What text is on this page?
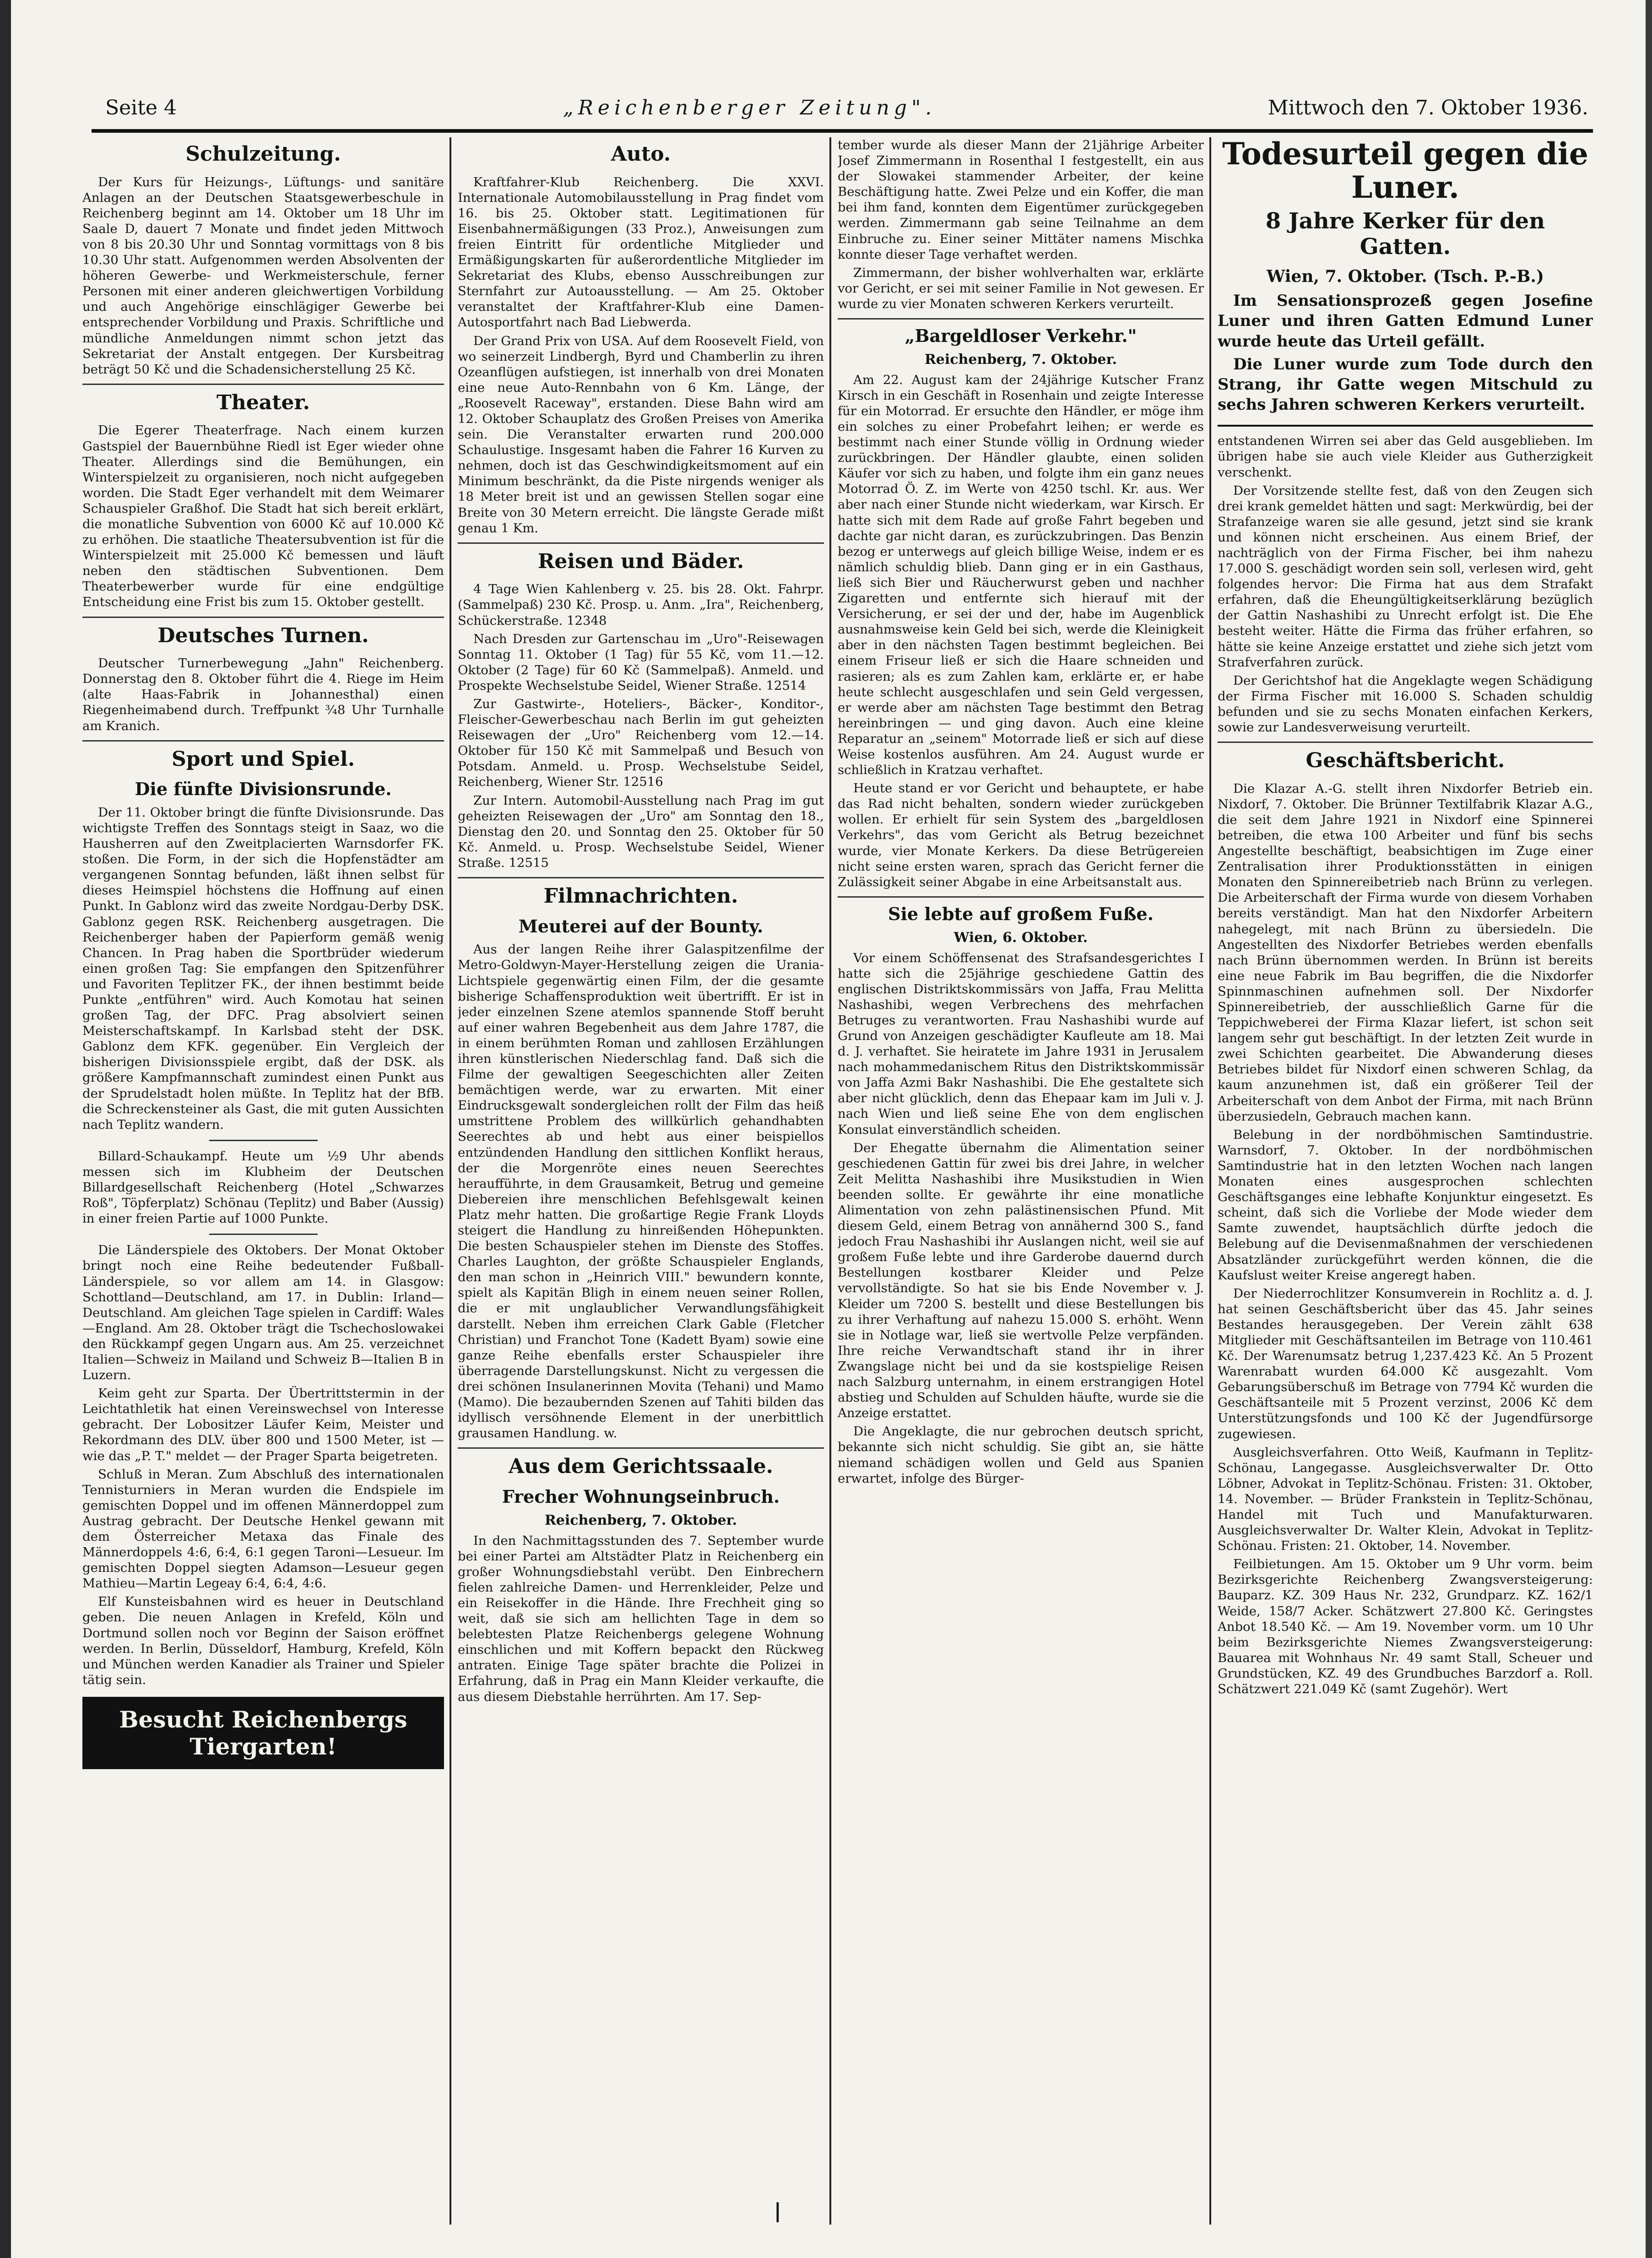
Seite 4	„Reichenberger Zeitung".	Mittwoch den 7. Oktober 1936.
Schulzeitung.

Der Kurs für Heizungs-, Lüftungs- und sanitäre Anlagen an der Deutschen Staatsgewerbeschule in Reichenberg beginnt am 14. Oktober um 18 Uhr im Saale D, dauert 7 Monate und findet jeden Mittwoch von 8 bis 20.30 Uhr und Sonntag vormittags von 8 bis 10.30 Uhr statt. Aufgenommen werden Absolventen der höheren Gewerbe- und Werkmeisterschule, ferner Personen mit einer anderen gleichwertigen Vorbildung und auch Angehörige einschlägiger Gewerbe bei entsprechender Vorbildung und Praxis. Schriftliche und mündliche Anmeldungen nimmt schon jetzt das Sekretariat der Anstalt entgegen. Der Kursbeitrag beträgt 50 Kč und die Schadensicherstellung 25 Kč.

Theater.

Die Egerer Theaterfrage. Nach einem kurzen Gastspiel der Bauernbühne Riedl ist Eger wieder ohne Theater. Allerdings sind die Bemühungen, ein Winterspielzeit zu organisieren, noch nicht aufgegeben worden. Die Stadt Eger verhandelt mit dem Weimarer Schauspieler Graßhof. Die Stadt hat sich bereit erklärt, die monatliche Subvention von 6000 Kč auf 10.000 Kč zu erhöhen. Die staatliche Theatersubvention ist für die Winterspielzeit mit 25.000 Kč bemessen und läuft neben den städtischen Subventionen. Dem Theaterbewerber wurde für eine endgültige Entscheidung eine Frist bis zum 15. Oktober gestellt.

Deutsches Turnen.

Deutscher Turnerbewegung „Jahn" Reichenberg. Donnerstag den 8. Oktober führt die 4. Riege im Heim (alte Haas-Fabrik in Johannesthal) einen Riegenheimabend durch. Treffpunkt ¾8 Uhr Turnhalle am Kranich.

Sport und Spiel.
Die fünfte Divisionsrunde.

Der 11. Oktober bringt die fünfte Divisionsrunde. Das wichtigste Treffen des Sonntags steigt in Saaz, wo die Hausherren auf den Zweitplacierten Warnsdorfer FK. stoßen. Die Form, in der sich die Hopfenstädter am vergangenen Sonntag befunden, läßt ihnen selbst für dieses Heimspiel höchstens die Hoffnung auf einen Punkt. In Gablonz wird das zweite Nordgau-Derby DSK. Gablonz gegen RSK. Reichenberg ausgetragen. Die Reichenberger haben der Papierform gemäß wenig Chancen. In Prag haben die Sportbrüder wiederum einen großen Tag: Sie empfangen den Spitzenführer und Favoriten Teplitzer FK., der ihnen bestimmt beide Punkte „entführen" wird. Auch Komotau hat seinen großen Tag, der DFC. Prag absolviert seinen Meisterschaftskampf. In Karlsbad steht der DSK. Gablonz dem KFK. gegenüber. Ein Vergleich der bisherigen Divisionsspiele ergibt, daß der DSK. als größere Kampfmannschaft zumindest einen Punkt aus der Sprudelstadt holen müßte. In Teplitz hat der BfB. die Schreckensteiner als Gast, die mit guten Aussichten nach Teplitz wandern.

Billard-Schaukampf. Heute um ½9 Uhr abends messen sich im Klubheim der Deutschen Billardgesellschaft Reichenberg (Hotel „Schwarzes Roß", Töpferplatz) Schönau (Teplitz) und Baber (Aussig) in einer freien Partie auf 1000 Punkte.

Die Länderspiele des Oktobers. Der Monat Oktober bringt noch eine Reihe bedeutender Fußball-Länderspiele, so vor allem am 14. in Glasgow: Schottland—Deutschland, am 17. in Dublin: Irland—Deutschland. Am gleichen Tage spielen in Cardiff: Wales—England. Am 28. Oktober trägt die Tschechoslowakei den Rückkampf gegen Ungarn aus. Am 25. verzeichnet Italien—Schweiz in Mailand und Schweiz B—Italien B in Luzern.

Keim geht zur Sparta. Der Übertrittstermin in der Leichtathletik hat einen Vereinswechsel von Interesse gebracht. Der Lobositzer Läufer Keim, Meister und Rekordmann des DLV. über 800 und 1500 Meter, ist — wie das „P. T." meldet — der Prager Sparta beigetreten.

Schluß in Meran. Zum Abschluß des internationalen Tennisturniers in Meran wurden die Endspiele im gemischten Doppel und im offenen Männerdoppel zum Austrag gebracht. Der Deutsche Henkel gewann mit dem Österreicher Metaxa das Finale des Männerdoppels 4:6, 6:4, 6:1 gegen Taroni—Lesueur. Im gemischten Doppel siegten Adamson—Lesueur gegen Mathieu—Martin Legeay 6:4, 6:4, 4:6.

Elf Kunsteisbahnen wird es heuer in Deutschland geben. Die neuen Anlagen in Krefeld, Köln und Dortmund sollen noch vor Beginn der Saison eröffnet werden. In Berlin, Düsseldorf, Hamburg, Krefeld, Köln und München werden Kanadier als Trainer und Spieler tätig sein.

Besucht Reichenbergs Tiergarten!
Auto.

Kraftfahrer-Klub Reichenberg. Die XXVI. Internationale Automobilausstellung in Prag findet vom 16. bis 25. Oktober statt. Legitimationen für Eisenbahnermäßigungen (33 Proz.), Anweisungen zum freien Eintritt für ordentliche Mitglieder und Ermäßigungskarten für außerordentliche Mitglieder im Sekretariat des Klubs, ebenso Ausschreibungen zur Sternfahrt zur Autoausstellung. — Am 25. Oktober veranstaltet der Kraftfahrer-Klub eine Damen-Autosportfahrt nach Bad Liebwerda.

Der Grand Prix von USA. Auf dem Roosevelt Field, von wo seinerzeit Lindbergh, Byrd und Chamberlin zu ihren Ozeanflügen aufstiegen, ist innerhalb von drei Monaten eine neue Auto-Rennbahn von 6 Km. Länge, der „Roosevelt Raceway", erstanden. Diese Bahn wird am 12. Oktober Schauplatz des Großen Preises von Amerika sein. Die Veranstalter erwarten rund 200.000 Schaulustige. Insgesamt haben die Fahrer 16 Kurven zu nehmen, doch ist das Geschwindigkeitsmoment auf ein Minimum beschränkt, da die Piste nirgends weniger als 18 Meter breit ist und an gewissen Stellen sogar eine Breite von 30 Metern erreicht. Die längste Gerade mißt genau 1 Km.

Reisen und Bäder.

4 Tage Wien Kahlenberg v. 25. bis 28. Okt. Fahrpr. (Sammelpaß) 230 Kč. Prosp. u. Anm. „Ira", Reichenberg, Schückerstraße. 12348

Nach Dresden zur Gartenschau im „Uro"-Reisewagen Sonntag 11. Oktober (1 Tag) für 55 Kč, vom 11.—12. Oktober (2 Tage) für 60 Kč (Sammelpaß). Anmeld. und Prospekte Wechselstube Seidel, Wiener Straße. 12514

Zur Gastwirte-, Hoteliers-, Bäcker-, Konditor-, Fleischer-Gewerbeschau nach Berlin im gut geheizten Reisewagen der „Uro" Reichenberg vom 12.—14. Oktober für 150 Kč mit Sammelpaß und Besuch von Potsdam. Anmeld. u. Prosp. Wechselstube Seidel, Reichenberg, Wiener Str. 12516

Zur Intern. Automobil-Ausstellung nach Prag im gut geheizten Reisewagen der „Uro" am Sonntag den 18., Dienstag den 20. und Sonntag den 25. Oktober für 50 Kč. Anmeld. u. Prosp. Wechselstube Seidel, Wiener Straße. 12515

Filmnachrichten.
Meuterei auf der Bounty.

Aus der langen Reihe ihrer Galaspitzenfilme der Metro-Goldwyn-Mayer-Herstellung zeigen die Urania-Lichtspiele gegenwärtig einen Film, der die gesamte bisherige Schaffensproduktion weit übertrifft. Er ist in jeder einzelnen Szene atemlos spannende Stoff beruht auf einer wahren Begebenheit aus dem Jahre 1787, die in einem berühmten Roman und zahllosen Erzählungen ihren künstlerischen Niederschlag fand. Daß sich die Filme der gewaltigen Seegeschichten aller Zeiten bemächtigen werde, war zu erwarten. Mit einer Eindrucksgewalt sondergleichen rollt der Film das heiß umstrittene Problem des willkürlich gehandhabten Seerechtes ab und hebt aus einer beispiellos entzündenden Handlung den sittlichen Konflikt heraus, der die Morgenröte eines neuen Seerechtes heraufführte, in dem Grausamkeit, Betrug und gemeine Diebereien ihre menschlichen Befehlsgewalt keinen Platz mehr hatten. Die großartige Regie Frank Lloyds steigert die Handlung zu hinreißenden Höhepunkten. Die besten Schauspieler stehen im Dienste des Stoffes. Charles Laughton, der größte Schauspieler Englands, den man schon in „Heinrich VIII." bewundern konnte, spielt als Kapitän Bligh in einem neuen seiner Rollen, die er mit unglaublicher Verwandlungsfähigkeit darstellt. Neben ihm erreichen Clark Gable (Fletcher Christian) und Franchot Tone (Kadett Byam) sowie eine ganze Reihe ebenfalls erster Schauspieler ihre überragende Darstellungskunst. Nicht zu vergessen die drei schönen Insulanerinnen Movita (Tehani) und Mamo (Mamo). Die bezaubernden Szenen auf Tahiti bilden das idyllisch versöhnende Element in der unerbittlich grausamen Handlung. w.

Aus dem Gerichtssaale.
Frecher Wohnungseinbruch.
Reichenberg, 7. Oktober.

In den Nachmittagsstunden des 7. September wurde bei einer Partei am Altstädter Platz in Reichenberg ein großer Wohnungsdiebstahl verübt. Den Einbrechern fielen zahlreiche Damen- und Herrenkleider, Pelze und ein Reisekoffer in die Hände. Ihre Frechheit ging so weit, daß sie sich am hellichten Tage in dem so belebtesten Platze Reichenbergs gelegene Wohnung einschlichen und mit Koffern bepackt den Rückweg antraten. Einige Tage später brachte die Polizei in Erfahrung, daß in Prag ein Mann Kleider verkaufte, die aus diesem Diebstahle herrührten. Am 17. Sep-

tember wurde als dieser Mann der 21jährige Arbeiter Josef Zimmermann in Rosenthal I festgestellt, ein aus der Slowakei stammender Arbeiter, der keine Beschäftigung hatte. Zwei Pelze und ein Koffer, die man bei ihm fand, konnten dem Eigentümer zurückgegeben werden. Zimmermann gab seine Teilnahme an dem Einbruche zu. Einer seiner Mittäter namens Mischka konnte dieser Tage verhaftet werden.

Zimmermann, der bisher wohlverhalten war, erklärte vor Gericht, er sei mit seiner Familie in Not gewesen. Er wurde zu vier Monaten schweren Kerkers verurteilt.

„Bargeldloser Verkehr."
Reichenberg, 7. Oktober.

Am 22. August kam der 24jährige Kutscher Franz Kirsch in ein Geschäft in Rosenhain und zeigte Interesse für ein Motorrad. Er ersuchte den Händler, er möge ihm ein solches zu einer Probefahrt leihen; er werde es bestimmt nach einer Stunde völlig in Ordnung wieder zurückbringen. Der Händler glaubte, einen soliden Käufer vor sich zu haben, und folgte ihm ein ganz neues Motorrad Ö. Z. im Werte von 4250 tschl. Kr. aus. Wer aber nach einer Stunde nicht wiederkam, war Kirsch. Er hatte sich mit dem Rade auf große Fahrt begeben und dachte gar nicht daran, es zurückzubringen. Das Benzin bezog er unterwegs auf gleich billige Weise, indem er es nämlich schuldig blieb. Dann ging er in ein Gasthaus, ließ sich Bier und Räucherwurst geben und nachher Zigaretten und entfernte sich hierauf mit der Versicherung, er sei der und der, habe im Augenblick ausnahmsweise kein Geld bei sich, werde die Kleinigkeit aber in den nächsten Tagen bestimmt begleichen. Bei einem Friseur ließ er sich die Haare schneiden und rasieren; als es zum Zahlen kam, erklärte er, er habe heute schlecht ausgeschlafen und sein Geld vergessen, er werde aber am nächsten Tage bestimmt den Betrag hereinbringen — und ging davon. Auch eine kleine Reparatur an „seinem" Motorrade ließ er sich auf diese Weise kostenlos ausführen. Am 24. August wurde er schließlich in Kratzau verhaftet.

Heute stand er vor Gericht und behauptete, er habe das Rad nicht behalten, sondern wieder zurückgeben wollen. Er erhielt für sein System des „bargeldlosen Verkehrs", das vom Gericht als Betrug bezeichnet wurde, vier Monate Kerkers. Da diese Betrügereien nicht seine ersten waren, sprach das Gericht ferner die Zulässigkeit seiner Abgabe in eine Arbeitsanstalt aus.

Sie lebte auf großem Fuße.
Wien, 6. Oktober.

Vor einem Schöffensenat des Strafsandesgerichtes I hatte sich die 25jährige geschiedene Gattin des englischen Distriktskommissärs von Jaffa, Frau Melitta Nashashibi, wegen Verbrechens des mehrfachen Betruges zu verantworten. Frau Nashashibi wurde auf Grund von Anzeigen geschädigter Kaufleute am 18. Mai d. J. verhaftet. Sie heiratete im Jahre 1931 in Jerusalem nach mohammedanischem Ritus den Distriktskommissär von Jaffa Azmi Bakr Nashashibi. Die Ehe gestaltete sich aber nicht glücklich, denn das Ehepaar kam im Juli v. J. nach Wien und ließ seine Ehe von dem englischen Konsulat einverständlich scheiden.

Der Ehegatte übernahm die Alimentation seiner geschiedenen Gattin für zwei bis drei Jahre, in welcher Zeit Melitta Nashashibi ihre Musikstudien in Wien beenden sollte. Er gewährte ihr eine monatliche Alimentation von zehn palästinensischen Pfund. Mit diesem Geld, einem Betrag von annähernd 300 S., fand jedoch Frau Nashashibi ihr Auslangen nicht, weil sie auf großem Fuße lebte und ihre Garderobe dauernd durch Bestellungen kostbarer Kleider und Pelze vervollständigte. So hat sie bis Ende November v. J. Kleider um 7200 S. bestellt und diese Bestellungen bis zu ihrer Verhaftung auf nahezu 15.000 S. erhöht. Wenn sie in Notlage war, ließ sie wertvolle Pelze verpfänden. Ihre reiche Verwandtschaft stand ihr in ihrer Zwangslage nicht bei und da sie kostspielige Reisen nach Salzburg unternahm, in einem erstrangigen Hotel abstieg und Schulden auf Schulden häufte, wurde sie die Anzeige erstattet.

Die Angeklagte, die nur gebrochen deutsch spricht, bekannte sich nicht schuldig. Sie gibt an, sie hätte niemand schädigen wollen und Geld aus Spanien erwartet, infolge des Bürger-

Todesurteil gegen die Luner.
8 Jahre Kerker für den Gatten.
Wien, 7. Oktober. (Tsch. P.-B.)

Im Sensationsprozeß gegen Josefine Luner und ihren Gatten Edmund Luner wurde heute das Urteil gefällt.

Die Luner wurde zum Tode durch den Strang, ihr Gatte wegen Mitschuld zu sechs Jahren schweren Kerkers verurteilt.

entstandenen Wirren sei aber das Geld ausgeblieben. Im übrigen habe sie auch viele Kleider aus Gutherzigkeit verschenkt.

Der Vorsitzende stellte fest, daß von den Zeugen sich drei krank gemeldet hätten und sagt: Merkwürdig, bei der Strafanzeige waren sie alle gesund, jetzt sind sie krank und können nicht erscheinen. Aus einem Brief, der nachträglich von der Firma Fischer, bei ihm nahezu 17.000 S. geschädigt worden sein soll, verlesen wird, geht folgendes hervor: Die Firma hat aus dem Strafakt erfahren, daß die Eheungültigkeitserklärung bezüglich der Gattin Nashashibi zu Unrecht erfolgt ist. Die Ehe besteht weiter. Hätte die Firma das früher erfahren, so hätte sie keine Anzeige erstattet und ziehe sich jetzt vom Strafverfahren zurück.

Der Gerichtshof hat die Angeklagte wegen Schädigung der Firma Fischer mit 16.000 S. Schaden schuldig befunden und sie zu sechs Monaten einfachen Kerkers, sowie zur Landesverweisung verurteilt.

Geschäftsbericht.

Die Klazar A.-G. stellt ihren Nixdorfer Betrieb ein. Nixdorf, 7. Oktober. Die Brünner Textilfabrik Klazar A.G., die seit dem Jahre 1921 in Nixdorf eine Spinnerei betreiben, die etwa 100 Arbeiter und fünf bis sechs Angestellte beschäftigt, beabsichtigen im Zuge einer Zentralisation ihrer Produktionsstätten in einigen Monaten den Spinnereibetrieb nach Brünn zu verlegen. Die Arbeiterschaft der Firma wurde von diesem Vorhaben bereits verständigt. Man hat den Nixdorfer Arbeitern nahegelegt, mit nach Brünn zu übersiedeln. Die Angestellten des Nixdorfer Betriebes werden ebenfalls nach Brünn übernommen werden. In Brünn ist bereits eine neue Fabrik im Bau begriffen, die die Nixdorfer Spinnmaschinen aufnehmen soll. Der Nixdorfer Spinnereibetrieb, der ausschließlich Garne für die Teppichweberei der Firma Klazar liefert, ist schon seit langem sehr gut beschäftigt. In der letzten Zeit wurde in zwei Schichten gearbeitet. Die Abwanderung dieses Betriebes bildet für Nixdorf einen schweren Schlag, da kaum anzunehmen ist, daß ein größerer Teil der Arbeiterschaft von dem Anbot der Firma, mit nach Brünn überzusiedeln, Gebrauch machen kann.

Belebung in der nordböhmischen Samtindustrie. Warnsdorf, 7. Oktober. In der nordböhmischen Samtindustrie hat in den letzten Wochen nach langen Monaten eines ausgesprochen schlechten Geschäftsganges eine lebhafte Konjunktur eingesetzt. Es scheint, daß sich die Vorliebe der Mode wieder dem Samte zuwendet, hauptsächlich dürfte jedoch die Belebung auf die Devisenmaßnahmen der verschiedenen Absatzländer zurückgeführt werden können, die die Kaufslust weiter Kreise angeregt haben.

Der Niederrochlitzer Konsumverein in Rochlitz a. d. J. hat seinen Geschäftsbericht über das 45. Jahr seines Bestandes herausgegeben. Der Verein zählt 638 Mitglieder mit Geschäftsanteilen im Betrage von 110.461 Kč. Der Warenumsatz betrug 1,237.423 Kč. An 5 Prozent Warenrabatt wurden 64.000 Kč ausgezahlt. Vom Gebarungsüberschuß im Betrage von 7794 Kč wurden die Geschäftsanteile mit 5 Prozent verzinst, 2006 Kč dem Unterstützungsfonds und 100 Kč der Jugendfürsorge zugewiesen.

Ausgleichsverfahren. Otto Weiß, Kaufmann in Teplitz-Schönau, Langegasse. Ausgleichsverwalter Dr. Otto Löbner, Advokat in Teplitz-Schönau. Fristen: 31. Oktober, 14. November. — Brüder Frankstein in Teplitz-Schönau, Handel mit Tuch und Manufakturwaren. Ausgleichsverwalter Dr. Walter Klein, Advokat in Teplitz-Schönau. Fristen: 21. Oktober, 14. November.

Feilbietungen. Am 15. Oktober um 9 Uhr vorm. beim Bezirksgerichte Reichenberg Zwangsversteigerung: Bauparz. KZ. 309 Haus Nr. 232, Grundparz. KZ. 162/1 Weide, 158/7 Acker. Schätzwert 27.800 Kč. Geringstes Anbot 18.540 Kč. — Am 19. November vorm. um 10 Uhr beim Bezirksgerichte Niemes Zwangsversteigerung: Bauarea mit Wohnhaus Nr. 49 samt Stall, Scheuer und Grundstücken, KZ. 49 des Grundbuches Barzdorf a. Roll. Schätzwert 221.049 Kč (samt Zugehör). Wert

ǀ
